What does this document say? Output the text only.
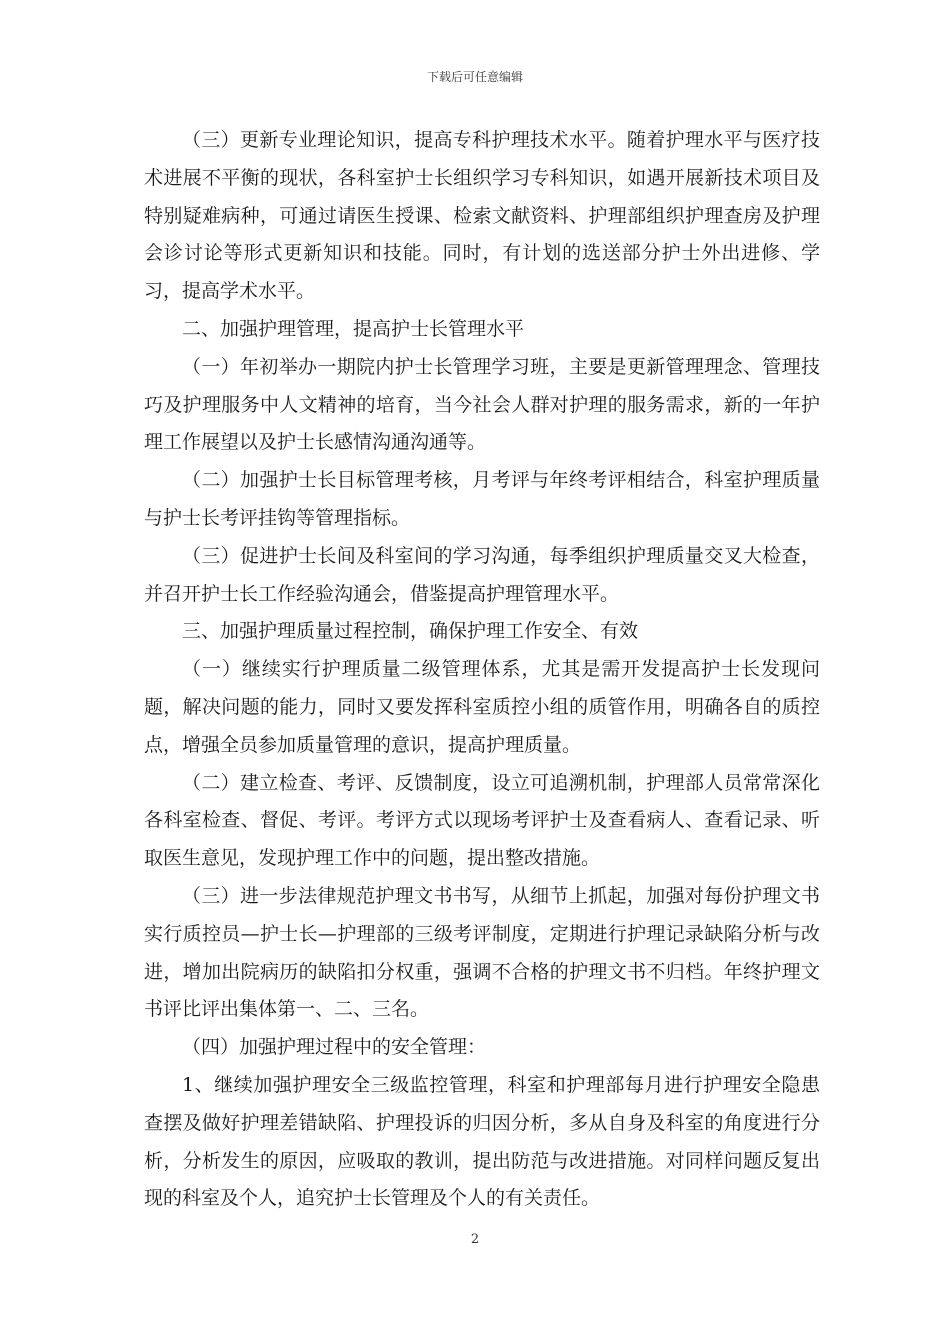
下载后可任意编辑

（三）更新专业理论知识，提高专科护理技术水平。随着护理水平与医疗技术进展不平衡的现状，各科室护士长组织学习专科知识，如遇开展新技术项目及特别疑难病种，可通过请医生授课、检索文献资料、护理部组织护理查房及护理会诊讨论等形式更新知识和技能。同时，有计划的选送部分护士外出进修、学习，提高学术水平。

二、加强护理管理，提高护士长管理水平

（一）年初举办一期院内护士长管理学习班，主要是更新管理理念、管理技巧及护理服务中人文精神的培育，当今社会人群对护理的服务需求，新的一年护理工作展望以及护士长感情沟通沟通等。

（二）加强护士长目标管理考核，月考评与年终考评相结合，科室护理质量与护士长考评挂钩等管理指标。

（三）促进护士长间及科室间的学习沟通，每季组织护理质量交叉大检查，并召开护士长工作经验沟通会，借鉴提高护理管理水平。

三、加强护理质量过程控制，确保护理工作安全、有效

（一）继续实行护理质量二级管理体系，尤其是需开发提高护士长发现问题，解决问题的能力，同时又要发挥科室质控小组的质管作用，明确各自的质控点，增强全员参加质量管理的意识，提高护理质量。

（二）建立检查、考评、反馈制度，设立可追溯机制，护理部人员常常深化各科室检查、督促、考评。考评方式以现场考评护士及查看病人、查看记录、听取医生意见，发现护理工作中的问题，提出整改措施。

（三）进一步法律规范护理文书书写，从细节上抓起，加强对每份护理文书实行质控员—护士长—护理部的三级考评制度，定期进行护理记录缺陷分析与改进，增加出院病历的缺陷扣分权重，强调不合格的护理文书不归档。年终护理文书评比评出集体第一、二、三名。

（四）加强护理过程中的安全管理：

1、继续加强护理安全三级监控管理，科室和护理部每月进行护理安全隐患查摆及做好护理差错缺陷、护理投诉的归因分析，多从自身及科室的角度进行分析，分析发生的原因，应吸取的教训，提出防范与改进措施。对同样问题反复出现的科室及个人，追究护士长管理及个人的有关责任。

2
